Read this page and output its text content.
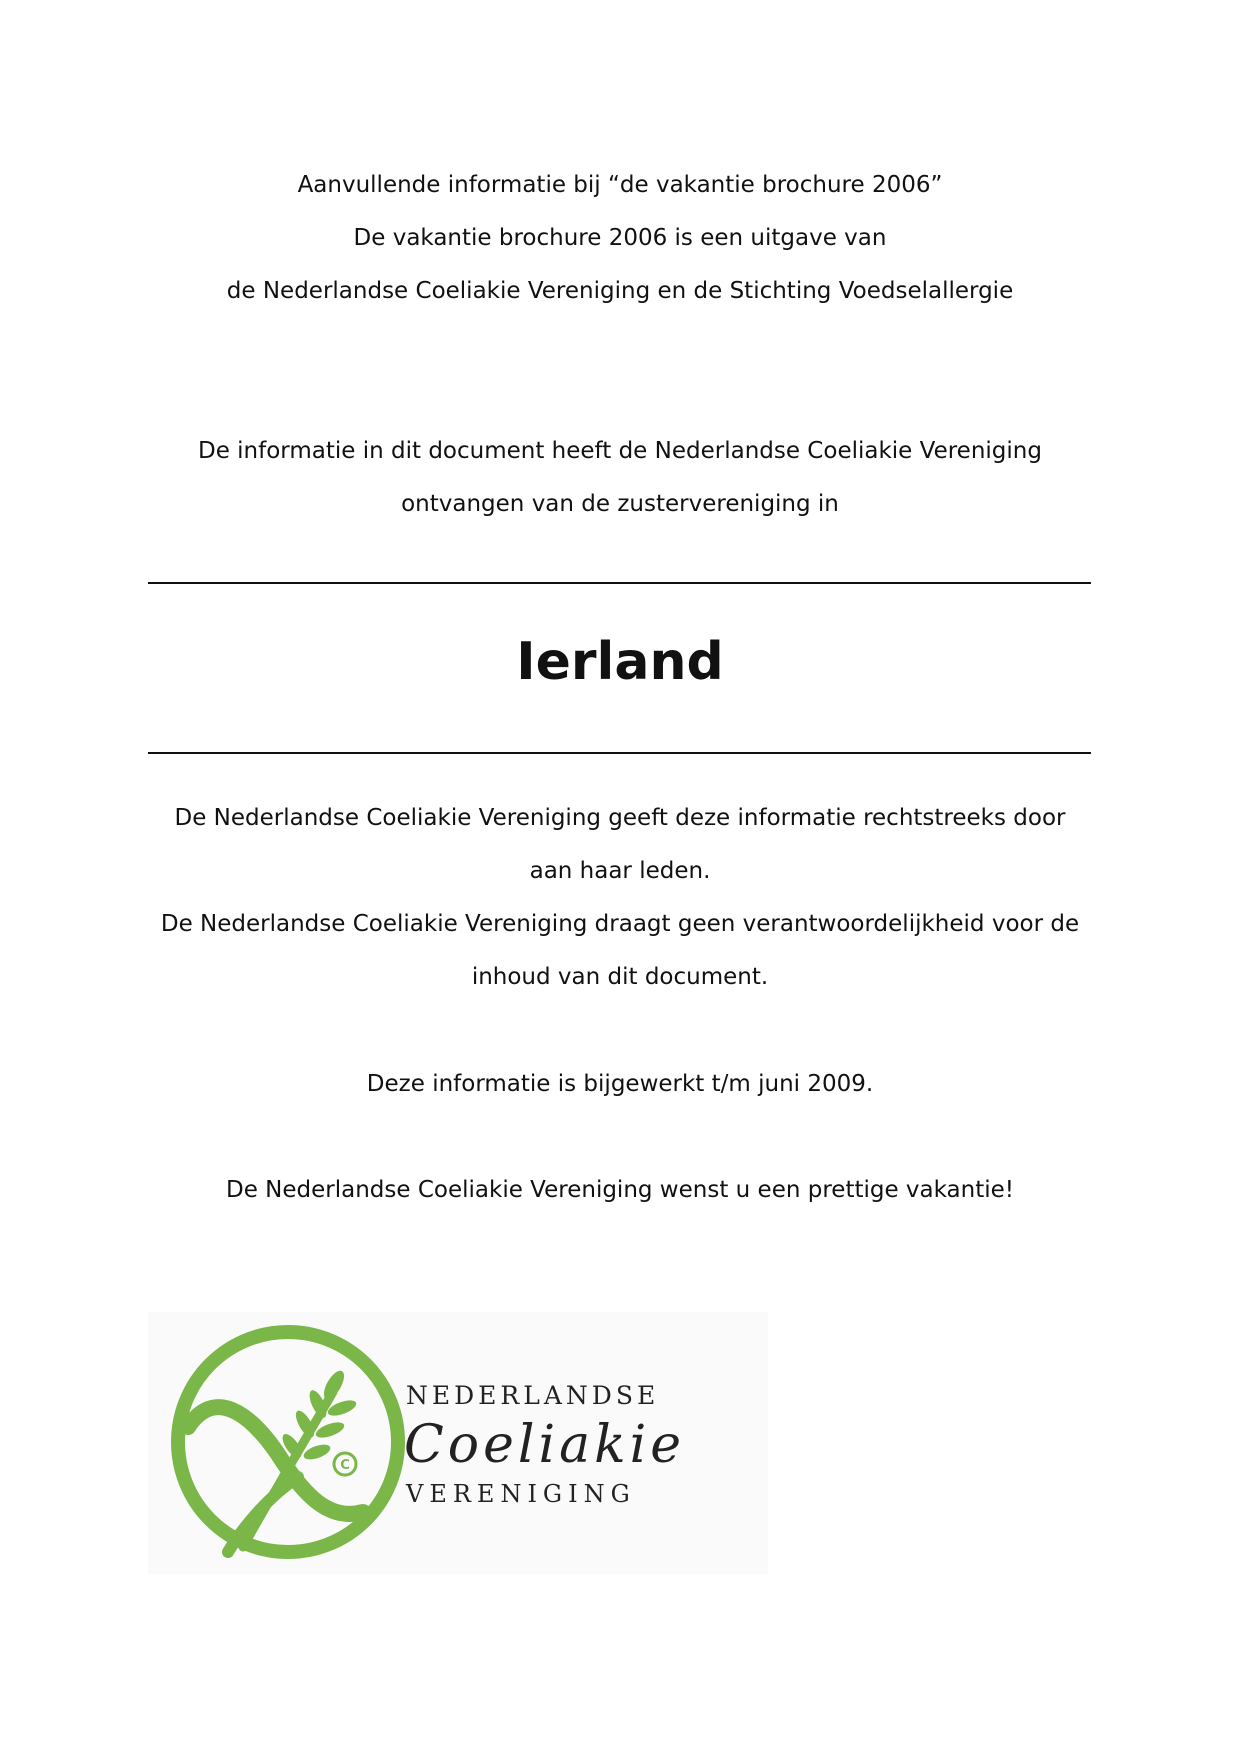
Aanvullende informatie bij “de vakantie brochure 2006”
De vakantie brochure 2006 is een uitgave van
de Nederlandse Coeliakie Vereniging en de Stichting Voedselallergie
De informatie in dit document heeft de Nederlandse Coeliakie Vereniging
ontvangen van de zustervereniging in
Ierland
De Nederlandse Coeliakie Vereniging geeft deze informatie rechtstreeks door
aan haar leden.
De Nederlandse Coeliakie Vereniging draagt geen verantwoordelijkheid voor de
inhoud van dit document.
Deze informatie is bijgewerkt t/m juni 2009.
De Nederlandse Coeliakie Vereniging wenst u een prettige vakantie!
C
NEDERLANDSE
Coeliakie
VERENIGING
